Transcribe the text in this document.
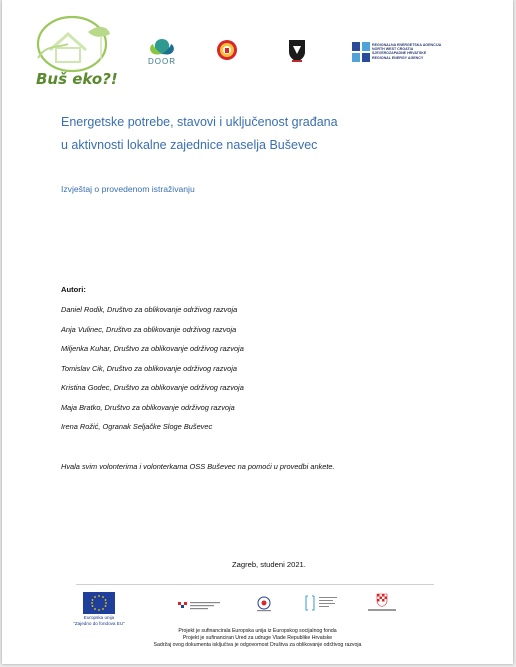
Buš eko?!
DOOR
REGIONALNA ENERGETSKA AGENCIJA
NORTH WEST CROATIA
SJEVEROZAPADNE HRVATSKE
REGIONAL ENERGY AGENCY
Energetske potrebe, stavovi i uključenost građana
u aktivnosti lokalne zajednice naselja Buševec
Izvještaj o provedenom istraživanju
Autori:
Daniel Rodik, Društvo za oblikovanje održivog razvoja
Anja Vulinec, Društvo za oblikovanje održivog razvoja
Miljenka Kuhar, Društvo za oblikovanje održivog razvoja
Tomislav Cik, Društvo za oblikovanje održivog razvoja
Kristina Godec, Društvo za oblikovanje održivog razvoja
Maja Bratko, Društvo za oblikovanje održivog razvoja
Irena Rožić, Ogranak Seljačke Sloge Buševec
Hvala svim volonterima i volonterkama OSS Buševec na pomoći u provedbi ankete.
Zagreb, studeni 2021.
Europska unija
"Zajedno do fondova EU"
Projekt je sufinancirala Europska unija iz Europskog socijalnog fonda
Projekt je sufinanciran Ured za udruge Vlade Republike Hrvatske
Sadržaj ovog dokumenta isključiva je odgovornost Društva za oblikovanje održivog razvoja
